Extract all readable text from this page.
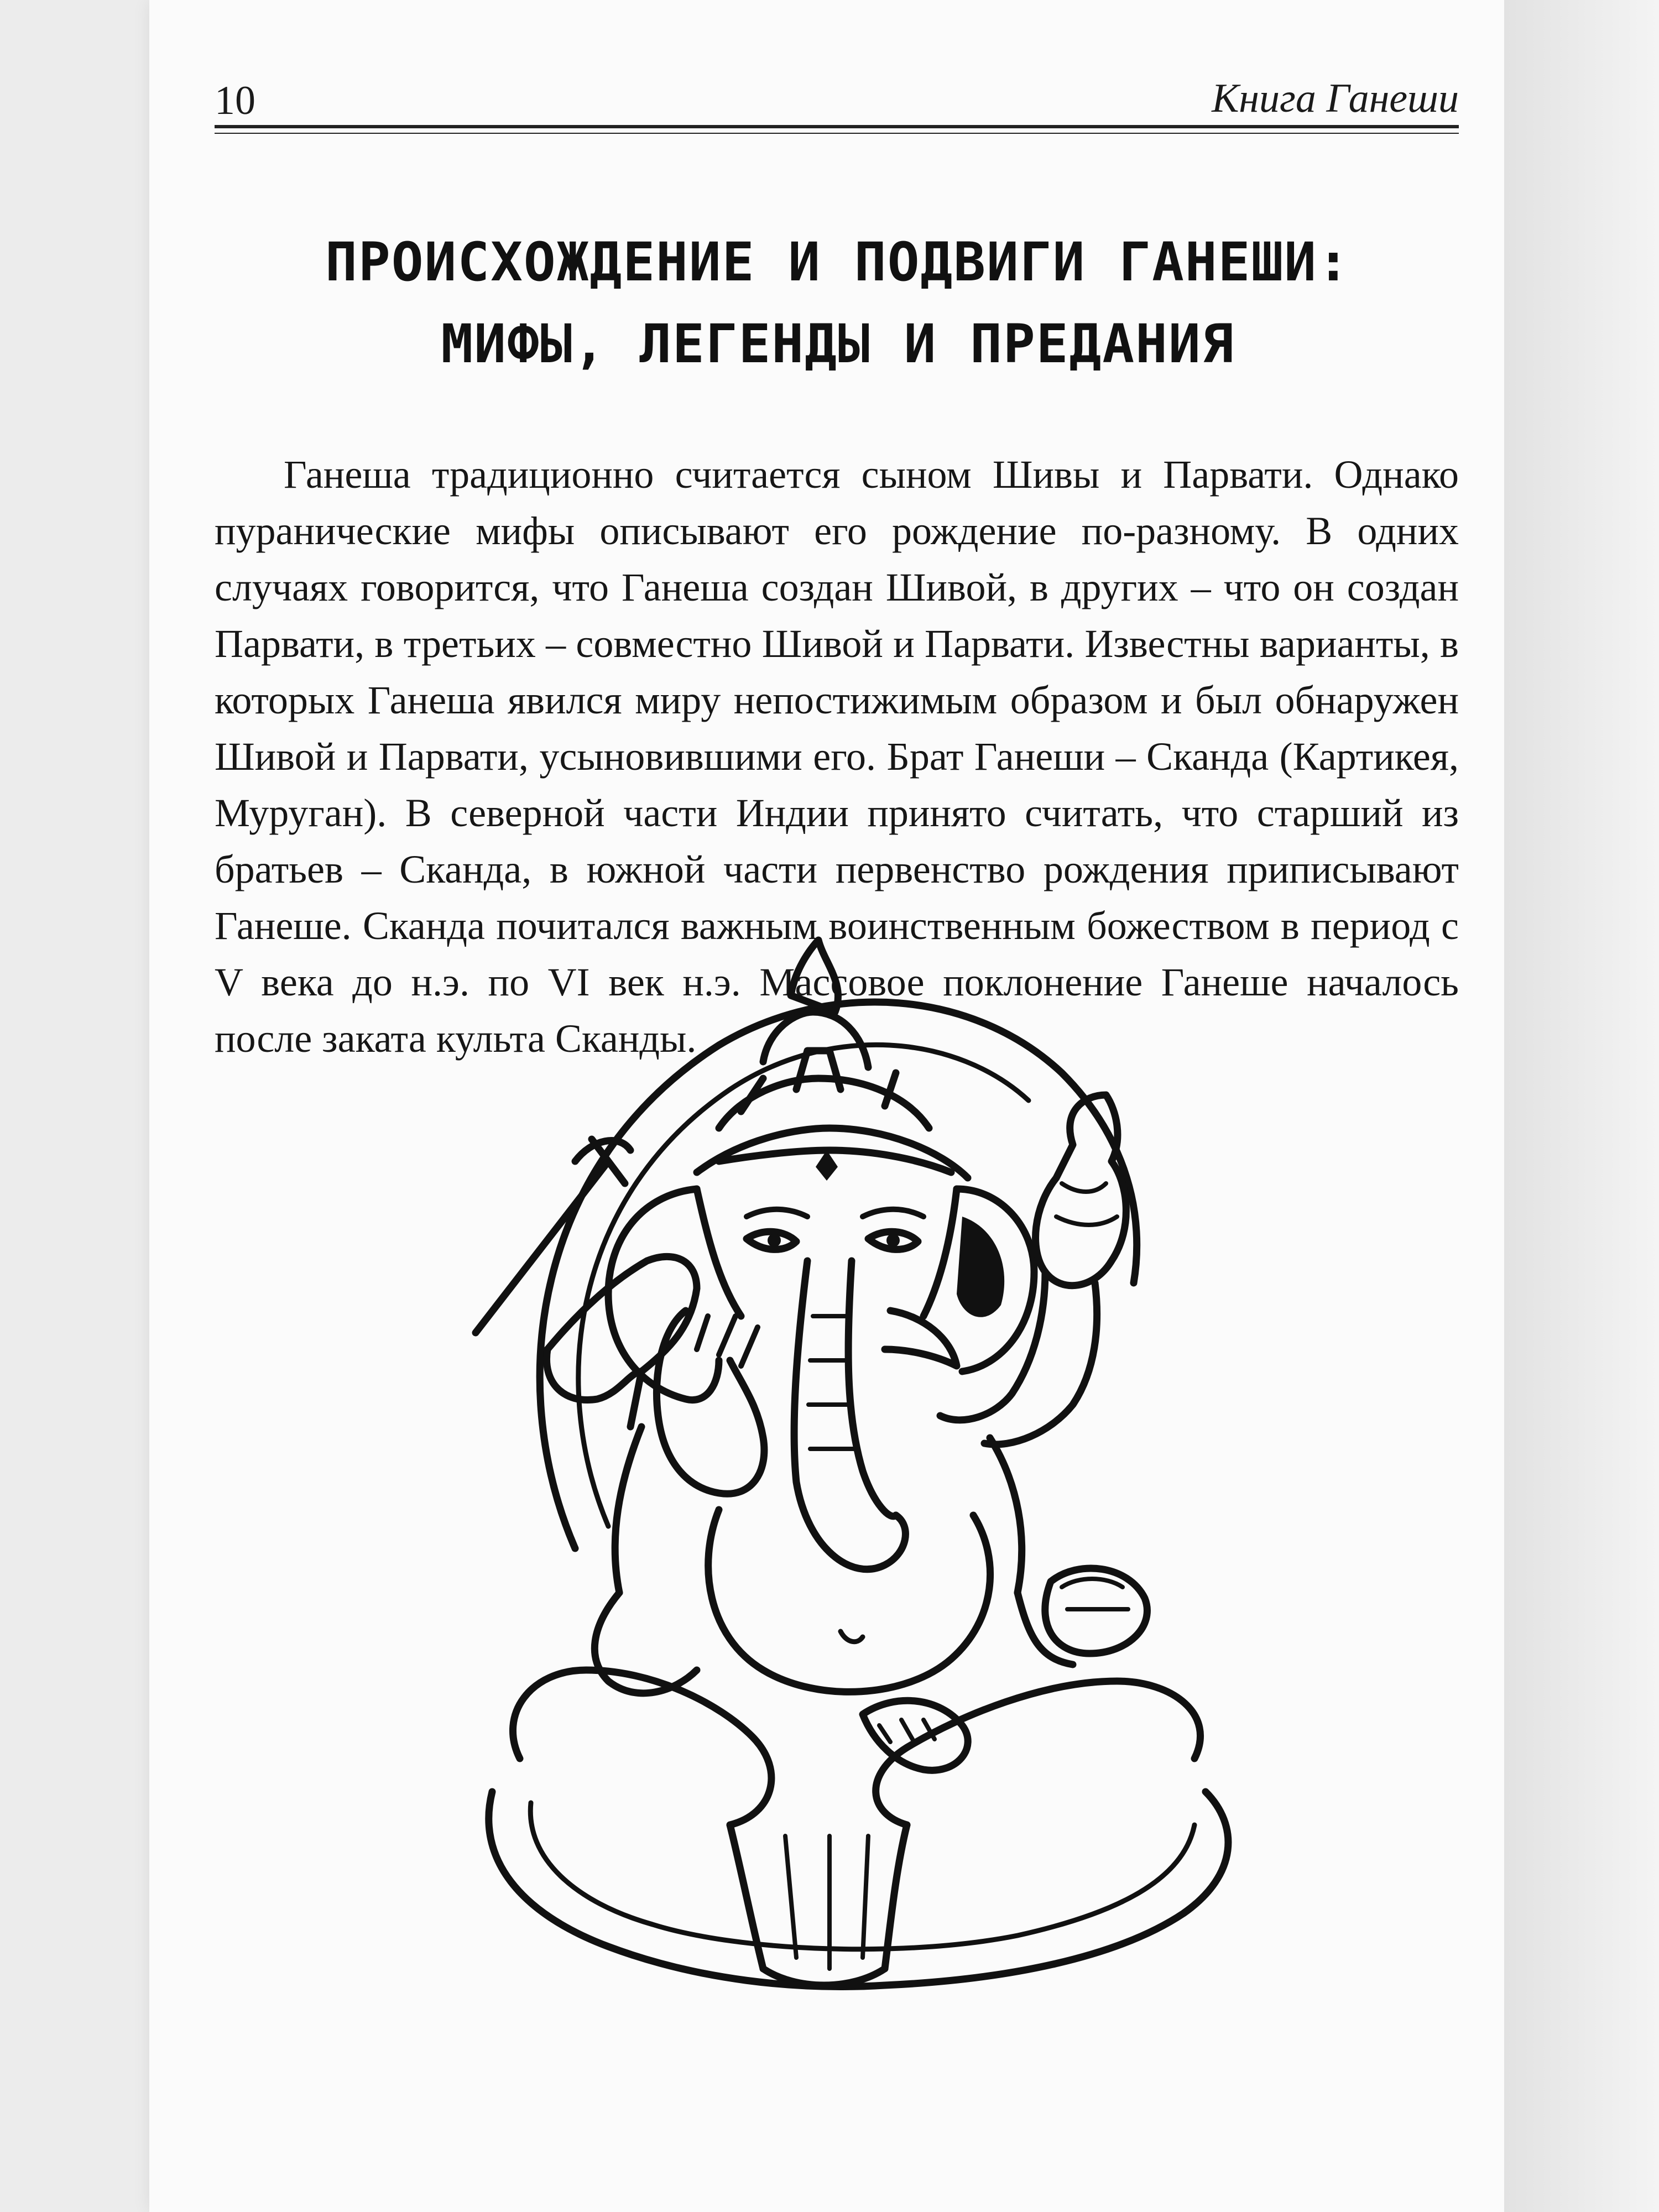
10	Книга Ганеши
ПРОИСХОЖДЕНИЕ И ПОДВИГИ ГАНЕШИ:
МИФЫ, ЛЕГЕНДЫ И ПРЕДАНИЯ

Ганеша традиционно считается сыном Шивы и Парвати. Однако пуранические мифы описывают его рождение по-разному. В одних случаях говорится, что Ганеша создан Шивой, в других – что он создан Парвати, в третьих – совместно Шивой и Парвати. Известны варианты, в которых Ганеша явился миру непостижимым образом и был обнаружен Шивой и Парвати, усыновившими его. Брат Ганеши – Сканда (Картикея, Муруган). В северной части Индии принято считать, что старший из братьев – Сканда, в южной части первенство рождения приписывают Ганеше. Сканда почитался важным воинственным божеством в период с V века до н.э. по VI век н.э. Массовое поклонение Ганеше началось после заката культа Сканды.
